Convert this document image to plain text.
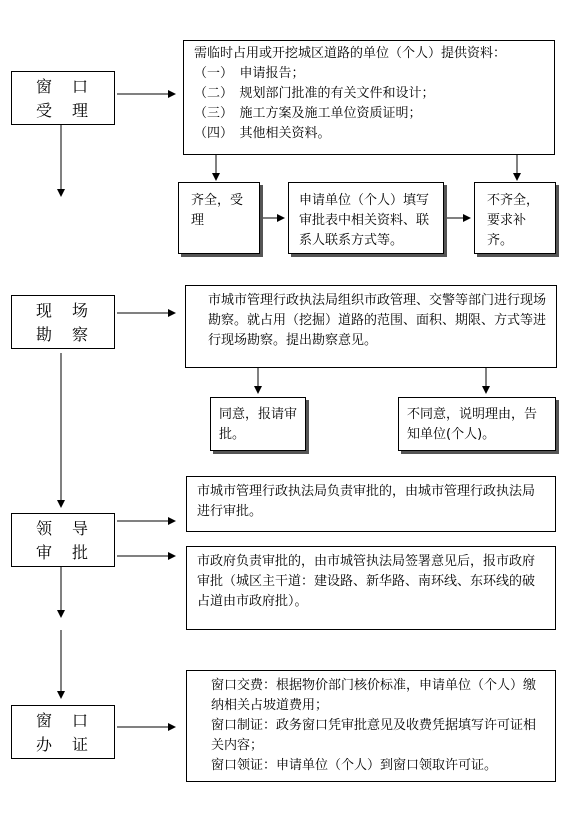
窗　口
受　理
现　场
勘　察
领　导
审　批
窗　口
办　证
需临时占用或开挖城区道路的单位（个人）提供资料：
（一）　申请报告；
（二）　规划部门批准的有关文件和设计；
（三）　施工方案及施工单位资质证明；
（四）　其他相关资料。
齐全，受理
申请单位（个人）填写审批表中相关资料、联系人联系方式等。
不齐全，要求补齐。
市城市管理行政执法局组织市政管理、交警等部门进行现场勘察。就占用（挖掘）道路的范围、面积、期限、方式等进行现场勘察。提出勘察意见。
同意，报请审批。
不同意，说明理由，告知单位(个人)。
市城市管理行政执法局负责审批的，由城市管理行政执法局进行审批。
市政府负责审批的，由市城管执法局签署意见后，报市政府审批（城区主干道：建设路、新华路、南环线、东环线的破占道由市政府批）。
窗口交费：根据物价部门核价标准，申请单位（个人）缴纳相关占坡道费用；
窗口制证：政务窗口凭审批意见及收费凭据填写许可证相关内容；
窗口领证：申请单位（个人）到窗口领取许可证。
